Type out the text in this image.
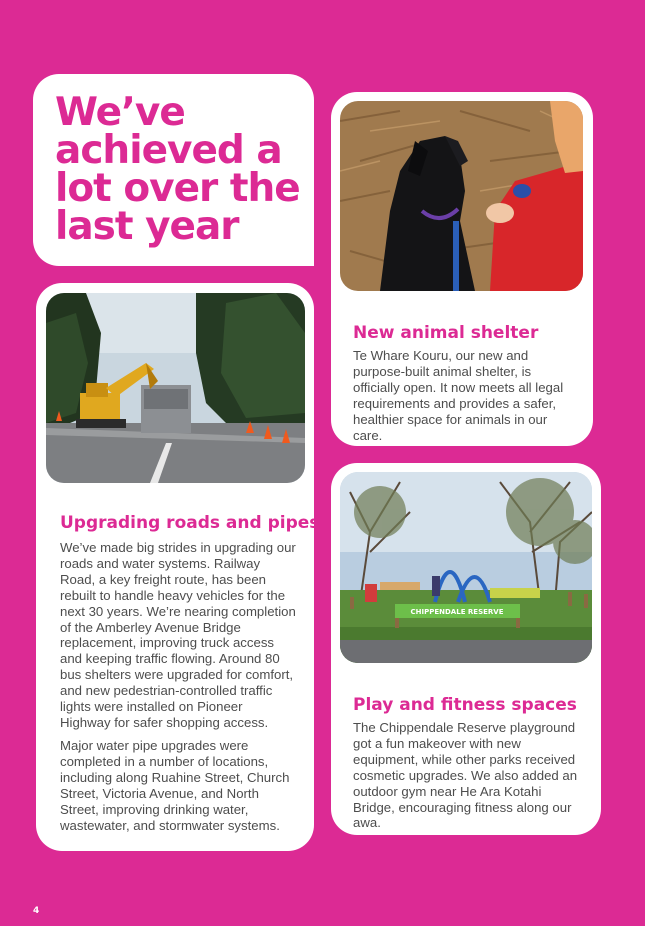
We’ve
achieved a
lot over the
last year
Upgrading roads and pipes

We’ve made big strides in upgrading our roads and water systems. Railway Road, a key freight route, has been rebuilt to handle heavy vehicles for the next 30 years. We’re nearing completion of the Amberley Avenue Bridge replacement, improving truck access and keeping traffic flowing. Around 80 bus shelters were upgraded for comfort, and new pedestrian-controlled traffic lights were installed on Pioneer Highway for safer shopping access.

Major water pipe upgrades were completed in a number of locations, including along Ruahine Street, Church Street, Victoria Avenue, and North Street, improving drinking water, wastewater, and stormwater systems.

New animal shelter

Te Whare Kouru, our new and purpose-built animal shelter, is officially open. It now meets all legal requirements and provides a safer, healthier space for animals in our care.

CHIPPENDALE RESERVE
Play and fitness spaces

The Chippendale Reserve playground got a fun makeover with new equipment, while other parks received cosmetic upgrades. We also added an outdoor gym near He Ara Kotahi Bridge, encouraging fitness along our awa.

4
